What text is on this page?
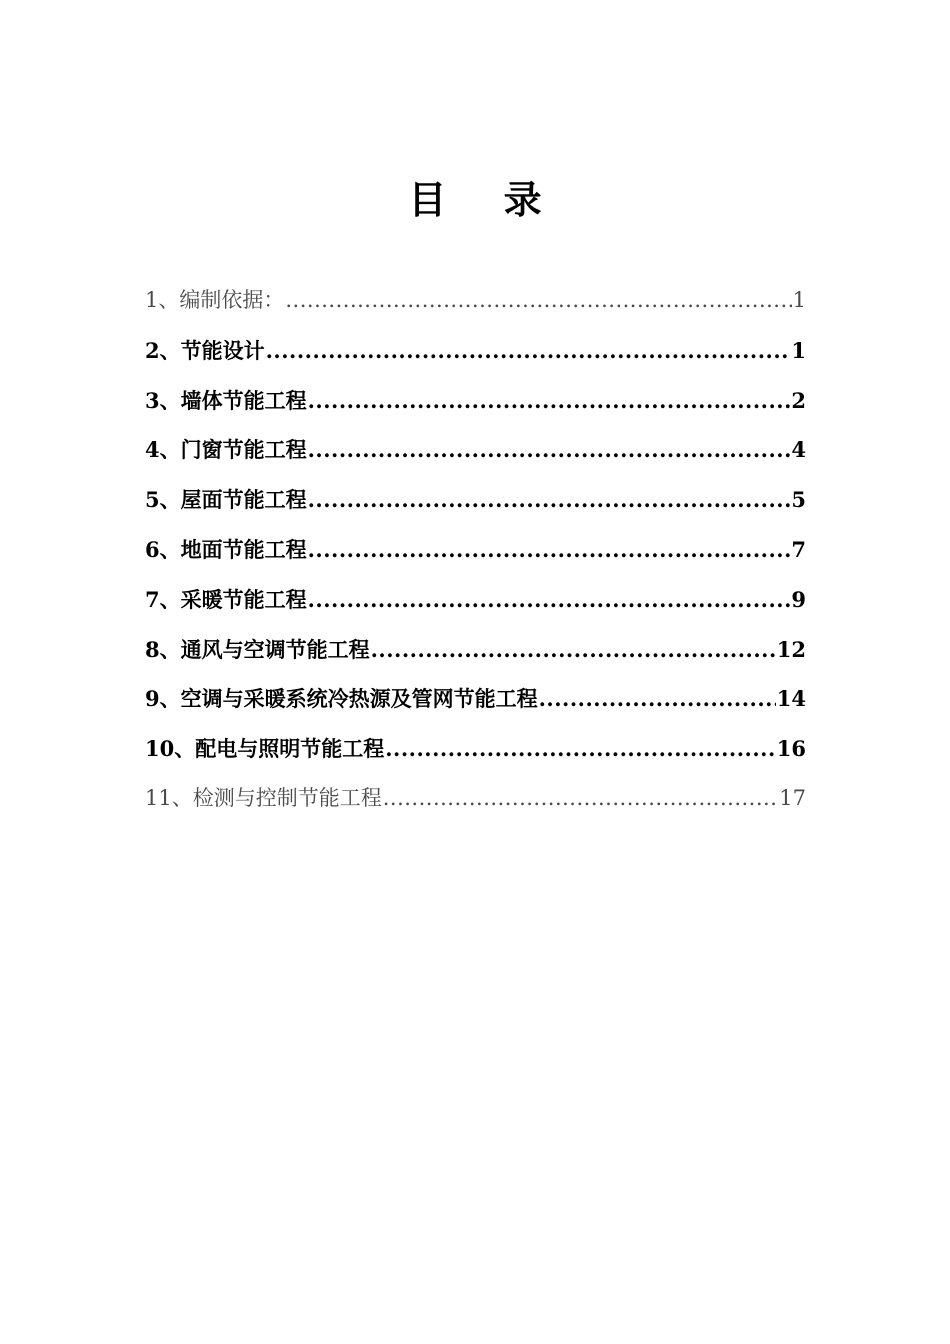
目 录
1、编制依据： .....	1
2、节能设计 .....	1
3、墙体节能工程 .....	2
4、门窗节能工程 .....	4
5、屋面节能工程 .....	5
6、地面节能工程 .....	7
7、采暖节能工程 .....	9
8、通风与空调节能工程 .....	12
9、空调与采暖系统冷热源及管网节能工程 .....	14
10、配电与照明节能工程 .....	16
11、检测与控制节能工程 .....	17
